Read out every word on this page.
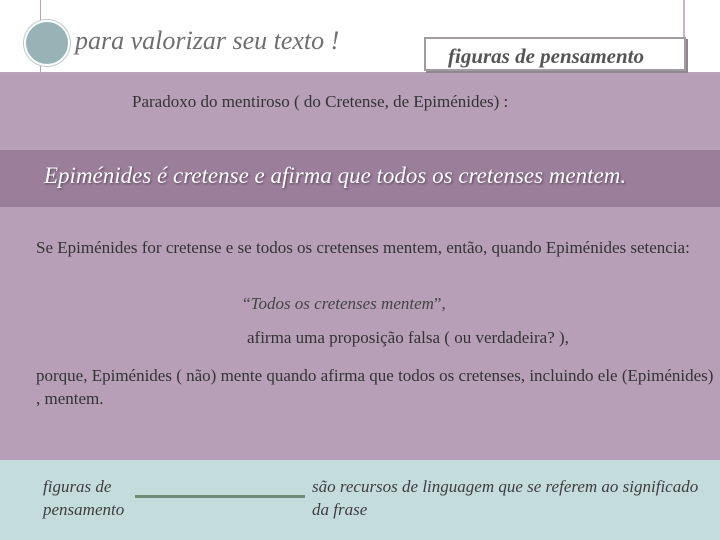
para valorizar seu texto !
figuras de pensamento
Paradoxo do mentiroso ( do Cretense, de Epiménides) :
Epiménides é cretense e afirma que todos os cretenses mentem.
Se Epiménides for cretense e se todos os cretenses mentem, então, quando Epiménides setencia:
“Todos os cretenses mentem”,
afirma uma proposição falsa ( ou verdadeira? ),
porque, Epiménides ( não) mente quando afirma que todos os cretenses, incluindo ele (Epiménides) , mentem.
figuras de pensamento
são recursos de linguagem que se referem ao significado da frase
